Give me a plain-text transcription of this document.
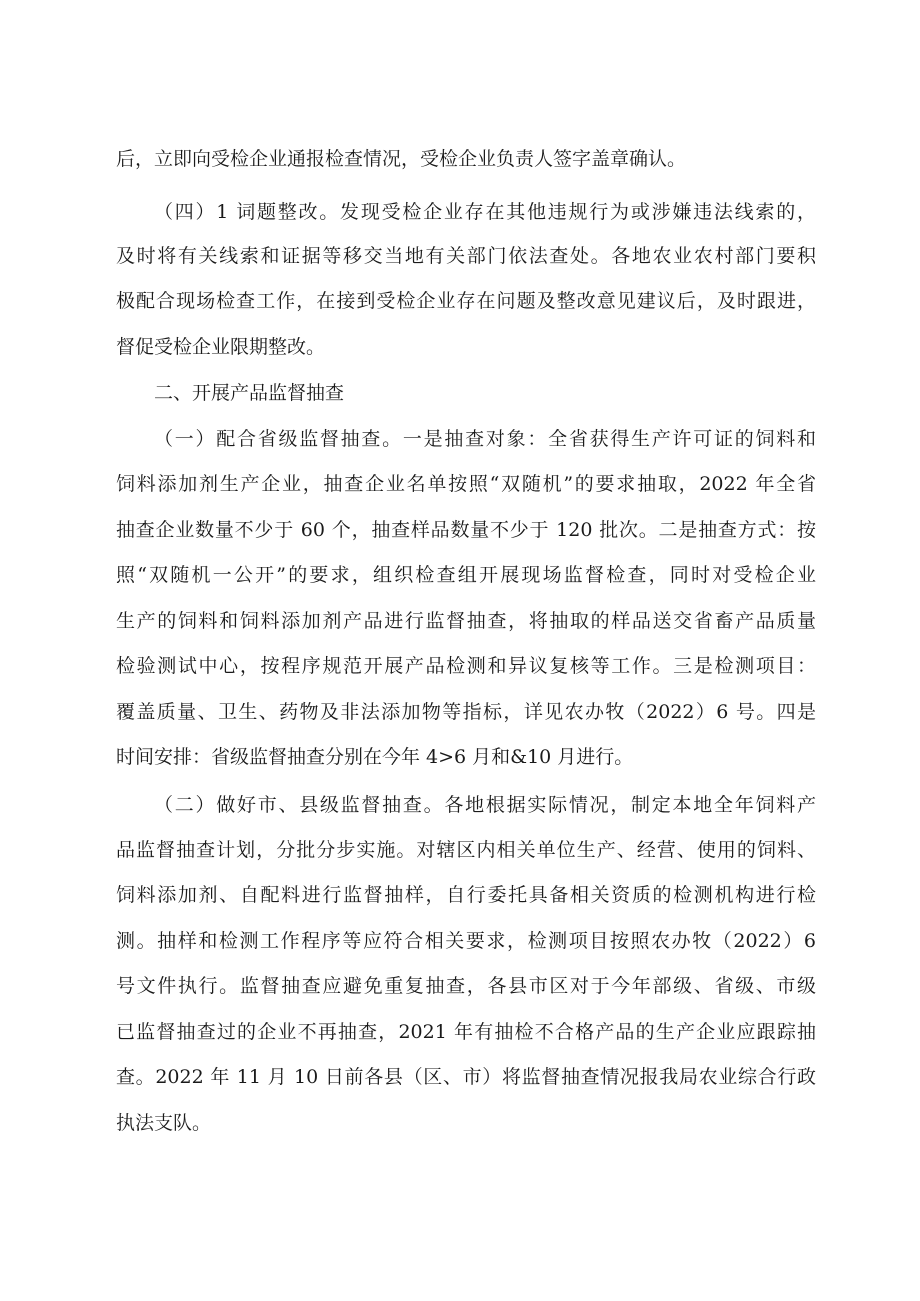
后，立即向受检企业通报检查情况，受检企业负责人签字盖章确认。

（四）1 词题整改。发现受检企业存在其他违规行为或涉嫌违法线索的，

及时将有关线索和证据等移交当地有关部门依法查处。各地农业农村部门要积

极配合现场检查工作，在接到受检企业存在问题及整改意见建议后，及时跟进，

督促受检企业限期整改。

二、开展产品监督抽查

（一）配合省级监督抽查。一是抽查对象：全省获得生产许可证的饲料和

饲料添加剂生产企业，抽查企业名单按照“双随机”的要求抽取，2022 年全省

抽查企业数量不少于 60 个，抽查样品数量不少于 120 批次。二是抽查方式：按

照“双随机一公开”的要求，组织检查组开展现场监督检查，同时对受检企业

生产的饲料和饲料添加剂产品进行监督抽查，将抽取的样品送交省畜产品质量

检验测试中心，按程序规范开展产品检测和异议复核等工作。三是检测项目：

覆盖质量、卫生、药物及非法添加物等指标，详见农办牧（2022）6 号。四是

时间安排：省级监督抽查分别在今年 4>6 月和&10 月进行。

（二）做好市、县级监督抽查。各地根据实际情况，制定本地全年饲料产

品监督抽查计划，分批分步实施。对辖区内相关单位生产、经营、使用的饲料、

饲料添加剂、自配料进行监督抽样，自行委托具备相关资质的检测机构进行检

测。抽样和检测工作程序等应符合相关要求，检测项目按照农办牧（2022）6

号文件执行。监督抽查应避免重复抽查，各县市区对于今年部级、省级、市级

已监督抽查过的企业不再抽查，2021 年有抽检不合格产品的生产企业应跟踪抽

查。2022 年 11 月 10 日前各县（区、市）将监督抽查情况报我局农业综合行政

执法支队。
